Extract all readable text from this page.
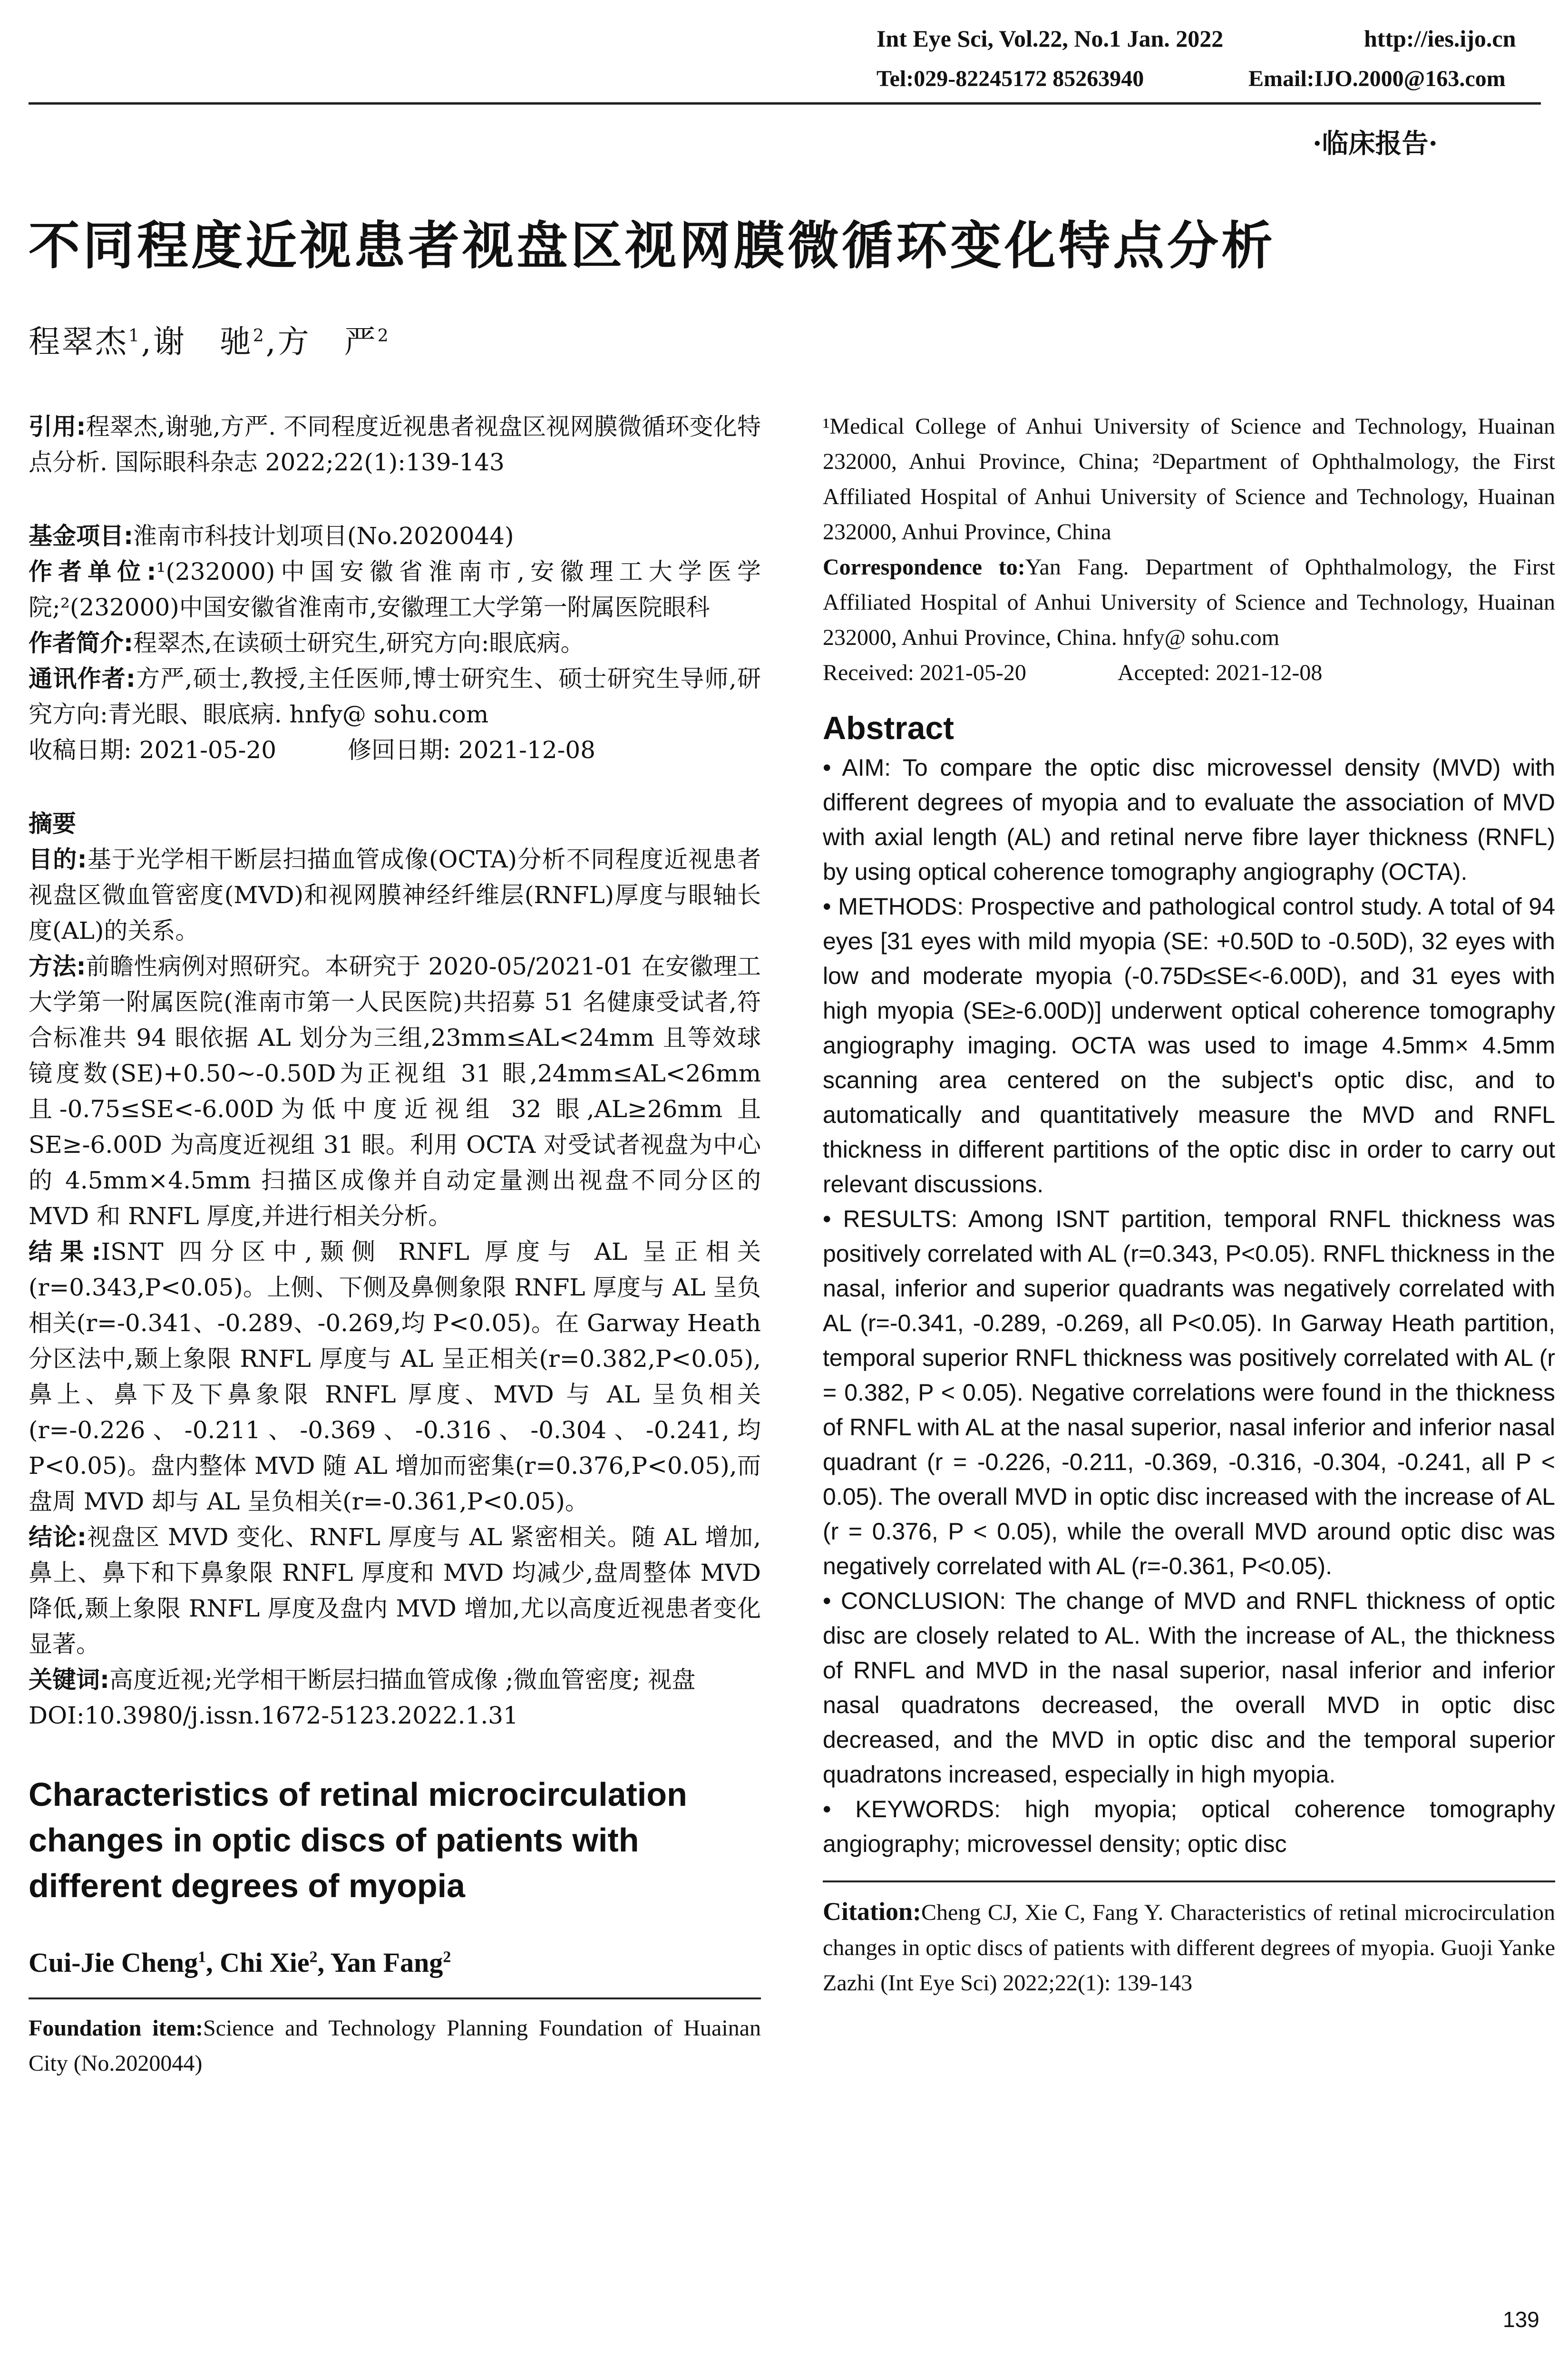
Int Eye Sci, Vol.22, No.1 Jan. 2022	http://ies.ijo.cn
Tel:029-82245172 85263940	Email:IJO.2000@163.com
·临床报告·
不同程度近视患者视盘区视网膜微循环变化特点分析
程翠杰$^1$,谢　驰$^2$,方　严$^2$

引用:程翠杰,谢驰,方严. 不同程度近视患者视盘区视网膜微循环变化特点分析. 国际眼科杂志 2022;22(1):139-143

基金项目:淮南市科技计划项目(No.2020044)

作者单位:¹(232000)中国安徽省淮南市,安徽理工大学医学院;²(232000)中国安徽省淮南市,安徽理工大学第一附属医院眼科

作者简介:程翠杰,在读硕士研究生,研究方向:眼底病。

通讯作者:方严,硕士,教授,主任医师,博士研究生、硕士研究生导师,研究方向:青光眼、眼底病. hnfy@ sohu.com

收稿日期: 2021-05-20　　　修回日期: 2021-12-08

摘要

目的:基于光学相干断层扫描血管成像(OCTA)分析不同程度近视患者视盘区微血管密度(MVD)和视网膜神经纤维层(RNFL)厚度与眼轴长度(AL)的关系。

方法:前瞻性病例对照研究。本研究于 2020-05/2021-01 在安徽理工大学第一附属医院(淮南市第一人民医院)共招募 51 名健康受试者,符合标准共 94 眼依据 AL 划分为三组,23mm≤AL<24mm 且等效球镜度数(SE)+0.50~-0.50D为正视组 31 眼,24mm≤AL<26mm 且-0.75≤SE<-6.00D为低中度近视组 32 眼,AL≥26mm 且 SE≥-6.00D 为高度近视组 31 眼。利用 OCTA 对受试者视盘为中心的 4.5mm×4.5mm 扫描区成像并自动定量测出视盘不同分区的 MVD 和 RNFL 厚度,并进行相关分析。

结果:ISNT 四分区中,颞侧 RNFL 厚度与 AL 呈正相关(r=0.343,P<0.05)。上侧、下侧及鼻侧象限 RNFL 厚度与 AL 呈负相关(r=-0.341、-0.289、-0.269,均 P<0.05)。在 Garway Heath 分区法中,颞上象限 RNFL 厚度与 AL 呈正相关(r=0.382,P<0.05),鼻上、鼻下及下鼻象限 RNFL 厚度、MVD 与 AL 呈负相关(r=-0.226、-0.211、-0.369、-0.316、-0.304、-0.241,均 P<0.05)。盘内整体 MVD 随 AL 增加而密集(r=0.376,P<0.05),而盘周 MVD 却与 AL 呈负相关(r=-0.361,P<0.05)。

结论:视盘区 MVD 变化、RNFL 厚度与 AL 紧密相关。随 AL 增加,鼻上、鼻下和下鼻象限 RNFL 厚度和 MVD 均减少,盘周整体 MVD 降低,颞上象限 RNFL 厚度及盘内 MVD 增加,尤以高度近视患者变化显著。

关键词:高度近视;光学相干断层扫描血管成像 ;微血管密度; 视盘

DOI:10.3980/j.issn.1672-5123.2022.1.31

Characteristics of retinal microcirculation changes in optic discs of patients with different degrees of myopia
Cui-Jie Cheng$^1$, Chi Xie$^2$, Yan Fang$^2$

Foundation item:Science and Technology Planning Foundation of Huainan City (No.2020044)

¹Medical College of Anhui University of Science and Technology, Huainan 232000, Anhui Province, China; ²Department of Ophthalmology, the First Affiliated Hospital of Anhui University of Science and Technology, Huainan 232000, Anhui Province, China

Correspondence to:Yan Fang. Department of Ophthalmology, the First Affiliated Hospital of Anhui University of Science and Technology, Huainan 232000, Anhui Province, China. hnfy@ sohu.com

Received: 2021-05-20　　　　	Accepted: 2021-12-08

Abstract

• AIM: To compare the optic disc microvessel density (MVD) with different degrees of myopia and to evaluate the association of MVD with axial length (AL) and retinal nerve fibre layer thickness (RNFL) by using optical coherence tomography angiography (OCTA).

• METHODS: Prospective and pathological control study. A total of 94 eyes [31 eyes with mild myopia (SE: +0.50D to -0.50D), 32 eyes with low and moderate myopia (-0.75D≤SE<-6.00D), and 31 eyes with high myopia (SE≥-6.00D)] underwent optical coherence tomography angiography imaging. OCTA was used to image 4.5mm× 4.5mm scanning area centered on the subject's optic disc, and to automatically and quantitatively measure the MVD and RNFL thickness in different partitions of the optic disc in order to carry out relevant discussions.

• RESULTS: Among ISNT partition, temporal RNFL thickness was positively correlated with AL (r=0.343, P<0.05). RNFL thickness in the nasal, inferior and superior quadrants was negatively correlated with AL (r=-0.341, -0.289, -0.269, all P<0.05). In Garway Heath partition, temporal superior RNFL thickness was positively correlated with AL (r = 0.382, P < 0.05). Negative correlations were found in the thickness of RNFL with AL at the nasal superior, nasal inferior and inferior nasal quadrant (r = -0.226, -0.211, -0.369, -0.316, -0.304, -0.241, all P < 0.05). The overall MVD in optic disc increased with the increase of AL (r = 0.376, P < 0.05), while the overall MVD around optic disc was negatively correlated with AL (r=-0.361, P<0.05).

• CONCLUSION: The change of MVD and RNFL thickness of optic disc are closely related to AL. With the increase of AL, the thickness of RNFL and MVD in the nasal superior, nasal inferior and inferior nasal quadratons decreased, the overall MVD in optic disc decreased, and the MVD in optic disc and the temporal superior quadratons increased, especially in high myopia.

• KEYWORDS: high myopia; optical coherence tomography angiography; microvessel density; optic disc

Citation:Cheng CJ, Xie C, Fang Y. Characteristics of retinal microcirculation changes in optic discs of patients with different degrees of myopia. Guoji Yanke Zazhi (Int Eye Sci) 2022;22(1): 139-143

139
